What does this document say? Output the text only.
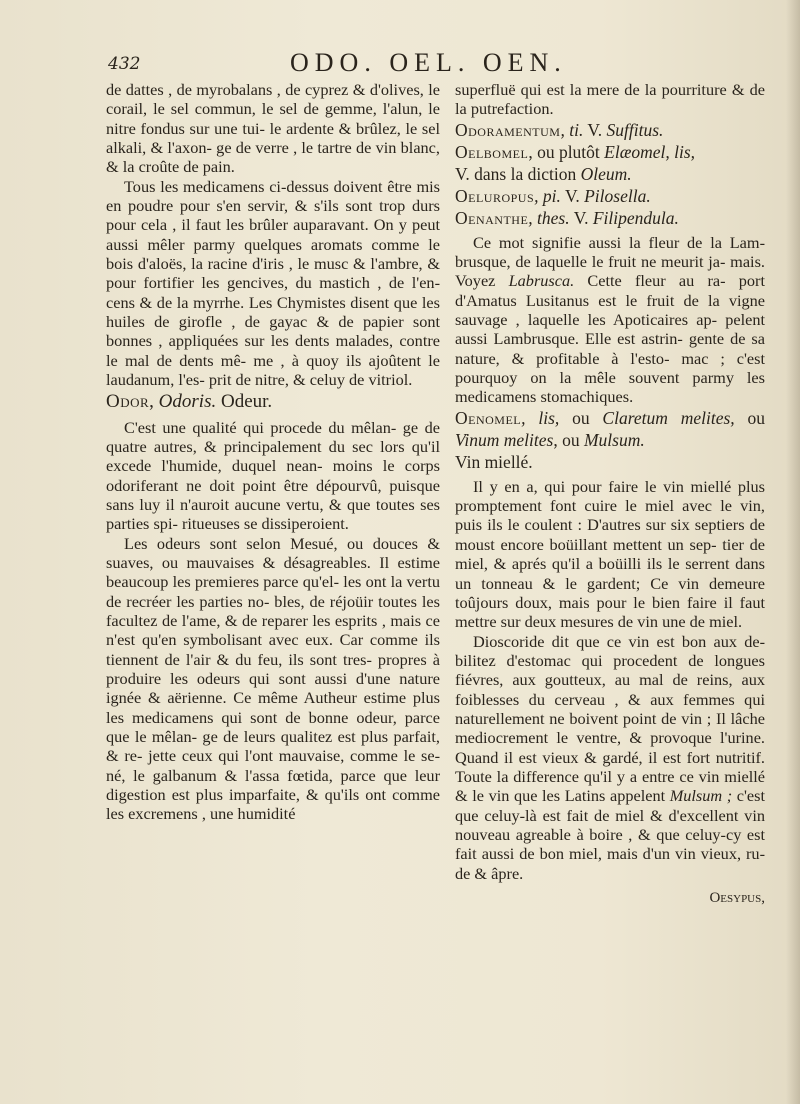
432	ODO. OEL. OEN.

de dattes , de myrobalans , de cyprez & d'olives, le corail, le sel commun, le sel de gemme, l'alun, le nitre fondus sur une tui- le ardente & brûlez, le sel alkali, & l'axon- ge de verre , le tartre de vin blanc, & la croûte de pain.

Tous les medicamens ci-dessus doivent être mis en poudre pour s'en servir, & s'ils sont trop durs pour cela , il faut les brûler auparavant. On y peut aussi mêler parmy quelques aromats comme le bois d'aloës, la racine d'iris , le musc & l'ambre, & pour fortifier les gencives, du mastich , de l'en- cens & de la myrrhe. Les Chymistes disent que les huiles de girofle , de gayac & de papier sont bonnes , appliquées sur les dents malades, contre le mal de dents mê- me , à quoy ils ajoûtent le laudanum, l'es- prit de nitre, & celuy de vitriol.

Odor, Odoris. Odeur.

C'est une qualité qui procede du mêlan- ge de quatre autres, & principalement du sec lors qu'il excede l'humide, duquel nean- moins le corps odoriferant ne doit point être dépourvû, puisque sans luy il n'auroit aucune vertu, & que toutes ses parties spi- ritueuses se dissiperoient.

Les odeurs sont selon Mesué, ou douces & suaves, ou mauvaises & désagreables. Il estime beaucoup les premieres parce qu'el- les ont la vertu de recréer les parties no- bles, de réjoüir toutes les facultez de l'ame, & de reparer les esprits , mais ce n'est qu'en symbolisant avec eux. Car comme ils tiennent de l'air & du feu, ils sont tres- propres à produire les odeurs qui sont aussi d'une nature ignée & aërienne. Ce même Autheur estime plus les medicamens qui sont de bonne odeur, parce que le mêlan- ge de leurs qualitez est plus parfait, & re- jette ceux qui l'ont mauvaise, comme le se- né, le galbanum & l'assa fœtida, parce que leur digestion est plus imparfaite, & qu'ils ont comme les excremens , une humidité

superfluë qui est la mere de la pourriture & de la putrefaction.

Odoramentum, ti. V. Suffitus.

Oelbomel, ou plutôt Elæomel, lis,
V. dans la diction Oleum.

Oeluropus, pi. V. Pilosella.

Oenanthe, thes. V. Filipendula.

Ce mot signifie aussi la fleur de la Lam- brusque, de laquelle le fruit ne meurit ja- mais. Voyez Labrusca. Cette fleur au ra- port d'Amatus Lusitanus est le fruit de la vigne sauvage , laquelle les Apoticaires ap- pelent aussi Lambrusque. Elle est astrin- gente de sa nature, & profitable à l'esto- mac ; c'est pourquoy on la mêle souvent parmy les medicamens stomachiques.

Oenomel, lis, ou Claretum melites, ou Vinum melites, ou Mulsum.
Vin miellé.

Il y en a, qui pour faire le vin miellé plus promptement font cuire le miel avec le vin, puis ils le coulent : D'autres sur six septiers de moust encore boüillant mettent un sep- tier de miel, & aprés qu'il a boüilli ils le serrent dans un tonneau & le gardent; Ce vin demeure toûjours doux, mais pour le bien faire il faut mettre sur deux mesures de vin une de miel.

Dioscoride dit que ce vin est bon aux de- bilitez d'estomac qui procedent de longues fiévres, aux goutteux, au mal de reins, aux foiblesses du cerveau , & aux femmes qui naturellement ne boivent point de vin ; Il lâche mediocrement le ventre, & provoque l'urine. Quand il est vieux & gardé, il est fort nutritif. Toute la difference qu'il y a entre ce vin miellé & le vin que les Latins appelent Mulsum ; c'est que celuy-là est fait de miel & d'excellent vin nouveau agreable à boire , & que celuy-cy est fait aussi de bon miel, mais d'un vin vieux, ru- de & âpre.

Oesypus,
